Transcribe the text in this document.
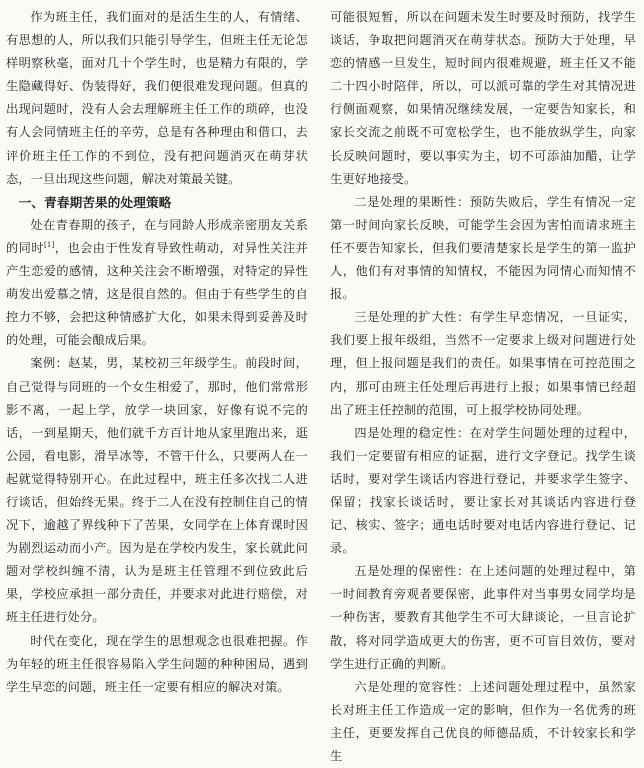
作为班主任，我们面对的是活生生的人，有情绪、有思想的人，所以我们只能引导学生，但班主任无论怎样明察秋毫，面对几十个学生时，也是精力有限的，学生隐藏得好、伪装得好，我们便很难发现问题。但真的出现问题时，没有人会去理解班主任工作的琐碎，也没有人会同情班主任的辛劳，总是有各种理由和借口，去评价班主任工作的不到位，没有把问题消灭在萌芽状态，一旦出现这些问题，解决对策最关键。

一、青春期苦果的处理策略

处在青春期的孩子，在与同龄人形成亲密朋友关系的同时[1]，也会由于性发育导致性萌动，对异性关注并产生恋爱的感情，这种关注会不断增强，对特定的异性萌发出爱慕之情，这是很自然的。但由于有些学生的自控力不够，会把这种情感扩大化，如果未得到妥善及时的处理，可能会酿成后果。

案例：赵某，男，某校初三年级学生。前段时间，自己觉得与同班的一个女生相爱了，那时，他们常常形影不离，一起上学，放学一块回家，好像有说不完的话，一到星期天，他们就千方百计地从家里跑出来，逛公园，看电影，滑旱冰等，不管干什么，只要两人在一起就觉得特别开心。在此过程中，班主任多次找二人进行谈话，但始终无果。终于二人在没有控制住自己的情况下，逾越了界线种下了苦果，女同学在上体育课时因为剧烈运动而小产。因为是在学校内发生，家长就此问题对学校纠缠不清，认为是班主任管理不到位致此后果，学校应承担一部分责任，并要求对此进行赔偿，对班主任进行处分。

时代在变化，现在学生的思想观念也很难把握。作为年轻的班主任很容易陷入学生问题的种种困局，遇到学生早恋的问题，班主任一定要有相应的解决对策。

可能很短暂，所以在问题未发生时要及时预防，找学生谈话，争取把问题消灭在萌芽状态。预防大于处理，早恋的情感一旦发生，短时间内很难规避，班主任又不能二十四小时陪伴，所以，可以派可靠的学生对其情况进行侧面观察，如果情况继续发展，一定要告知家长，和家长交流之前既不可宽松学生，也不能放纵学生，向家长反映问题时，要以事实为主，切不可添油加醋，让学生更好地接受。

二是处理的果断性：预防失败后，学生有情况一定第一时间向家长反映，可能学生会因为害怕而请求班主任不要告知家长，但我们要清楚家长是学生的第一监护人，他们有对事情的知情权，不能因为同情心而知情不报。

三是处理的扩大性：有学生早恋情况，一旦证实，我们要上报年级组，当然不一定要求上级对问题进行处理，但上报问题是我们的责任。如果事情在可控范围之内，那可由班主任处理后再进行上报；如果事情已经超出了班主任控制的范围，可上报学校协同处理。

四是处理的稳定性：在对学生问题处理的过程中，我们一定要留有相应的证据，进行文字登记。找学生谈话时，要对学生谈话内容进行登记，并要求学生签字、保留；找家长谈话时，要让家长对其谈话内容进行登记、核实、签字；通电话时要对电话内容进行登记、记录。

五是处理的保密性：在上述问题的处理过程中，第一时间教育旁观者要保密，此事件对当事男女同学均是一种伤害，要教育其他学生不可大肆谈论，一旦言论扩散，将对同学造成更大的伤害，更不可盲目效仿，要对学生进行正确的判断。

六是处理的宽容性：上述问题处理过程中，虽然家长对班主任工作造成一定的影响，但作为一名优秀的班主任，更要发挥自己优良的师德品质，不计较家长和学生
